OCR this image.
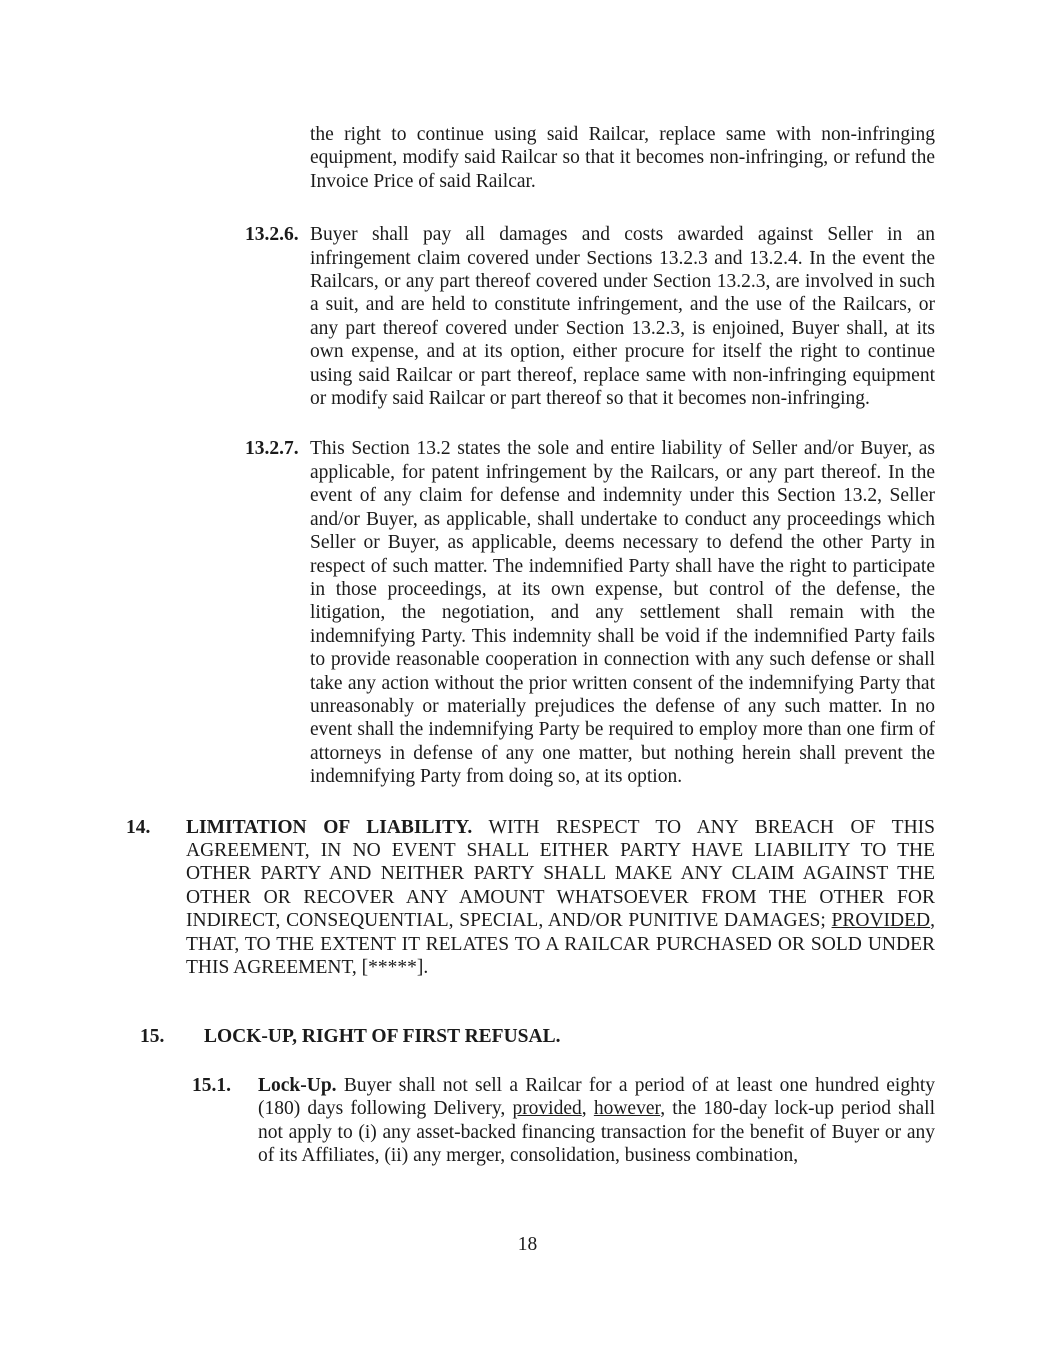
the right to continue using said Railcar, replace same with non-infringing equipment, modify said Railcar so that it becomes non-infringing, or refund the Invoice Price of said Railcar.

13.2.6. Buyer shall pay all damages and costs awarded against Seller in an infringement claim covered under Sections 13.2.3 and 13.2.4. In the event the Railcars, or any part thereof covered under Section 13.2.3, are involved in such a suit, and are held to constitute infringement, and the use of the Railcars, or any part thereof covered under Section 13.2.3, is enjoined, Buyer shall, at its own expense, and at its option, either procure for itself the right to continue using said Railcar or part thereof, replace same with non-infringing equipment or modify said Railcar or part thereof so that it becomes non-infringing.
13.2.7. This Section 13.2 states the sole and entire liability of Seller and/or Buyer, as applicable, for patent infringement by the Railcars, or any part thereof. In the event of any claim for defense and indemnity under this Section 13.2, Seller and/or Buyer, as applicable, shall undertake to conduct any proceedings which Seller or Buyer, as applicable, deems necessary to defend the other Party in respect of such matter. The indemnified Party shall have the right to participate in those proceedings, at its own expense, but control of the defense, the litigation, the negotiation, and any settlement shall remain with the indemnifying Party. This indemnity shall be void if the indemnified Party fails to provide reasonable cooperation in connection with any such defense or shall take any action without the prior written consent of the indemnifying Party that unreasonably or materially prejudices the defense of any such matter. In no event shall the indemnifying Party be required to employ more than one firm of attorneys in defense of any one matter, but nothing herein shall prevent the indemnifying Party from doing so, at its option.
14.	LIMITATION OF LIABILITY. WITH RESPECT TO ANY BREACH OF THIS AGREEMENT, IN NO EVENT SHALL EITHER PARTY HAVE LIABILITY TO THE OTHER PARTY AND NEITHER PARTY SHALL MAKE ANY CLAIM AGAINST THE OTHER OR RECOVER ANY AMOUNT WHATSOEVER FROM THE OTHER FOR INDIRECT, CONSEQUENTIAL, SPECIAL, AND/OR PUNITIVE DAMAGES; PROVIDED, THAT, TO THE EXTENT IT RELATES TO A RAILCAR PURCHASED OR SOLD UNDER THIS AGREEMENT, [*****].
15.	LOCK-UP, RIGHT OF FIRST REFUSAL.
15.1.	Lock-Up. Buyer shall not sell a Railcar for a period of at least one hundred eighty (180) days following Delivery, provided, however, the 180-day lock-up period shall not apply to (i) any asset-backed financing transaction for the benefit of Buyer or any of its Affiliates, (ii) any merger, consolidation, business combination,
18
